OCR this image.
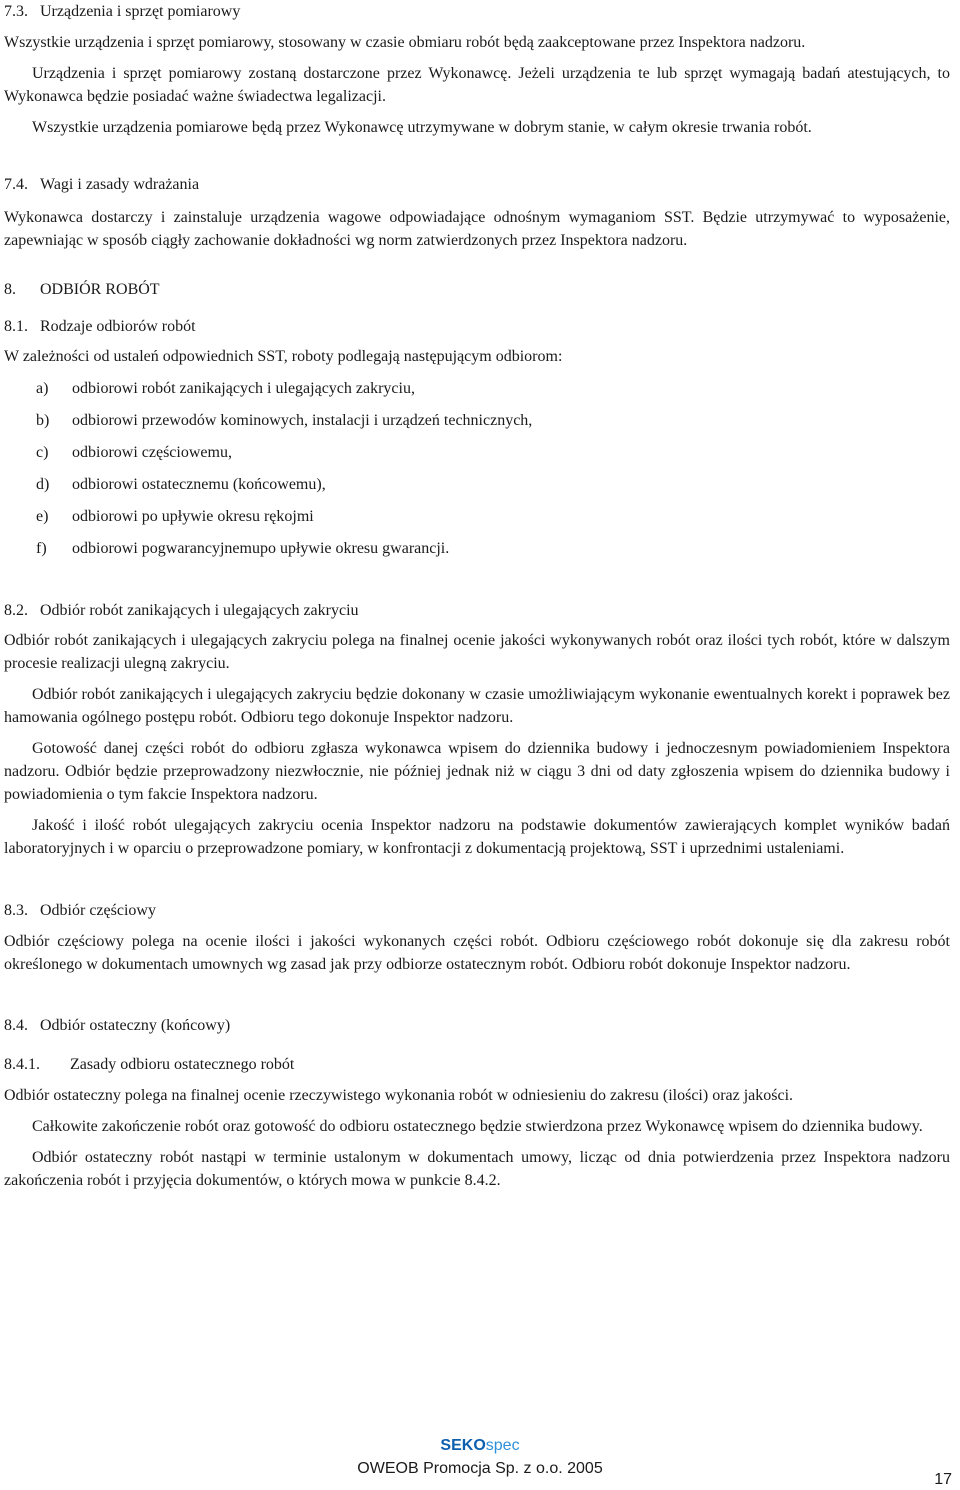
7.3. Urządzenia i sprzęt pomiarowy

Wszystkie urządzenia i sprzęt pomiarowy, stosowany w czasie obmiaru robót będą zaakceptowane przez Inspektora nadzoru.

Urządzenia i sprzęt pomiarowy zostaną dostarczone przez Wykonawcę. Jeżeli urządzenia te lub sprzęt wymagają badań atestujących, to Wykonawca będzie posiadać ważne świadectwa legalizacji.

Wszystkie urządzenia pomiarowe będą przez Wykonawcę utrzymywane w dobrym stanie, w całym okresie trwania robót.

7.4. Wagi i zasady wdrażania

Wykonawca dostarczy i zainstaluje urządzenia wagowe odpowiadające odnośnym wymaganiom SST. Będzie utrzymywać to wyposażenie, zapewniając w sposób ciągły zachowanie dokładności wg norm zatwierdzonych przez Inspektora nadzoru.

8. ODBIÓR ROBÓT
8.1. Rodzaje odbiorów robót

W zależności od ustaleń odpowiednich SST, roboty podlegają następującym odbiorom:

a) odbiorowi robót zanikających i ulegających zakryciu,
b) odbiorowi przewodów kominowych, instalacji i urządzeń technicznych,
c) odbiorowi częściowemu,
d) odbiorowi ostatecznemu (końcowemu),
e) odbiorowi po upływie okresu rękojmi
f) odbiorowi pogwarancyjnemupo upływie okresu gwarancji.
8.2. Odbiór robót zanikających i ulegających zakryciu

Odbiór robót zanikających i ulegających zakryciu polega na finalnej ocenie jakości wykonywanych robót oraz ilości tych robót, które w dalszym procesie realizacji ulegną zakryciu.

Odbiór robót zanikających i ulegających zakryciu będzie dokonany w czasie umożliwiającym wykonanie ewentualnych korekt i poprawek bez hamowania ogólnego postępu robót. Odbioru tego dokonuje Inspektor nadzoru.

Gotowość danej części robót do odbioru zgłasza wykonawca wpisem do dziennika budowy i jednoczesnym powiadomieniem Inspektora nadzoru. Odbiór będzie przeprowadzony niezwłocznie, nie później jednak niż w ciągu 3 dni od daty zgłoszenia wpisem do dziennika budowy i powiadomienia o tym fakcie Inspektora nadzoru.

Jakość i ilość robót ulegających zakryciu ocenia Inspektor nadzoru na podstawie dokumentów zawierających komplet wyników badań laboratoryjnych i w oparciu o przeprowadzone pomiary, w konfrontacji z dokumentacją projektową, SST i uprzednimi ustaleniami.

8.3. Odbiór częściowy

Odbiór częściowy polega na ocenie ilości i jakości wykonanych części robót. Odbioru częściowego robót dokonuje się dla zakresu robót określonego w dokumentach umownych wg zasad jak przy odbiorze ostatecznym robót. Odbioru robót dokonuje Inspektor nadzoru.

8.4. Odbiór ostateczny (końcowy)
8.4.1. Zasady odbioru ostatecznego robót

Odbiór ostateczny polega na finalnej ocenie rzeczywistego wykonania robót w odniesieniu do zakresu (ilości) oraz jakości.

Całkowite zakończenie robót oraz gotowość do odbioru ostatecznego będzie stwierdzona przez Wykonawcę wpisem do dziennika budowy.

Odbiór ostateczny robót nastąpi w terminie ustalonym w dokumentach umowy, licząc od dnia potwierdzenia przez Inspektora nadzoru zakończenia robót i przyjęcia dokumentów, o których mowa w punkcie 8.4.2.

SEKOspec
OWEOB Promocja Sp. z o.o. 2005
17
